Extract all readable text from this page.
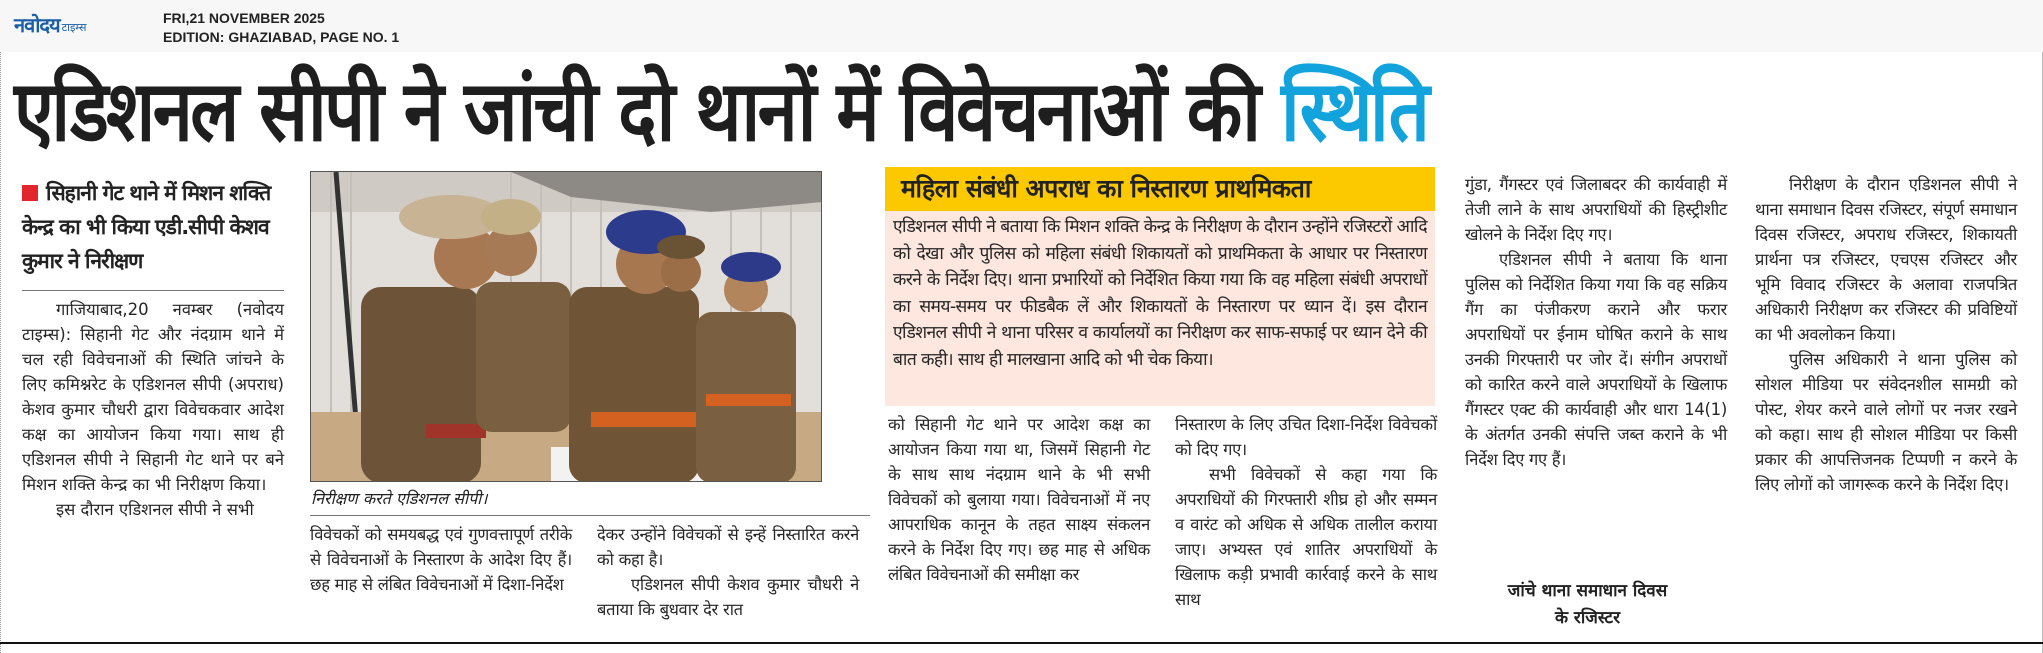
नवोदय टाइम्स
FRI,21 NOVEMBER 2025
EDITION: GHAZIABAD, PAGE NO. 1
एडिशनल सीपी ने जांची दो थानों में विवेचनाओं की स्थिति
सिहानी गेट थाने में मिशन शक्ति केन्द्र का भी किया एडी.सीपी केशव कुमार ने निरीक्षण

गाजियाबाद,20 नवम्बर (नवोदय टाइम्स): सिहानी गेट और नंदग्राम थाने में चल रही विवेचनाओं की स्थिति जांचने के लिए कमिश्नरेट के एडिशनल सीपी (अपराध) केशव कुमार चौधरी द्वारा विवेचकवार आदेश कक्ष का आयोजन किया गया। साथ ही एडिशनल सीपी ने सिहानी गेट थाने पर बने मिशन शक्ति केन्द्र का भी निरीक्षण किया।

इस दौरान एडिशनल सीपी ने सभी

निरीक्षण करते एडिशनल सीपी।

विवेचकों को समयबद्ध एवं गुणवत्तापूर्ण तरीके से विवेचनाओं के निस्तारण के आदेश दिए हैं। छह माह से लंबित विवेचनाओं में दिशा-निर्देश

देकर उन्होंने विवेचकों से इन्हें निस्तारित करने को कहा है।

एडिशनल सीपी केशव कुमार चौधरी ने बताया कि बुधवार देर रात

महिला संबंधी अपराध का निस्तारण प्राथमिकता
एडिशनल सीपी ने बताया कि मिशन शक्ति केन्द्र के निरीक्षण के दौरान उन्होंने रजिस्टरों आदि को देखा और पुलिस को महिला संबंधी शिकायतों को प्राथमिकता के आधार पर निस्तारण करने के निर्देश दिए। थाना प्रभारियों को निर्देशित किया गया कि वह महिला संबंधी अपराधों का समय-समय पर फीडबैक लें और शिकायतों के निस्तारण पर ध्यान दें। इस दौरान एडिशनल सीपी ने थाना परिसर व कार्यालयों का निरीक्षण कर साफ-सफाई पर ध्यान देने की बात कही। साथ ही मालखाना आदि को भी चेक किया।

को सिहानी गेट थाने पर आदेश कक्ष का आयोजन किया गया था, जिसमें सिहानी गेट के साथ साथ नंदग्राम थाने के भी सभी विवेचकों को बुलाया गया। विवेचनाओं में नए आपराधिक कानून के तहत साक्ष्य संकलन करने के निर्देश दिए गए। छह माह से अधिक लंबित विवेचनाओं की समीक्षा कर

निस्तारण के लिए उचित दिशा-निर्देश विवेचकों को दिए गए।

सभी विवेचकों से कहा गया कि अपराधियों की गिरफ्तारी शीघ्र हो और सम्मन व वारंट को अधिक से अधिक तालील कराया जाए। अभ्यस्त एवं शातिर अपराधियों के खिलाफ कड़ी प्रभावी कार्रवाई करने के साथ साथ

गुंडा, गैंगस्टर एवं जिलाबदर की कार्यवाही में तेजी लाने के साथ अपराधियों की हिस्ट्रीशीट खोलने के निर्देश दिए गए।

एडिशनल सीपी ने बताया कि थाना पुलिस को निर्देशित किया गया कि वह सक्रिय गैंग का पंजीकरण कराने और फरार अपराधियों पर ईनाम घोषित कराने के साथ उनकी गिरफ्तारी पर जोर दें। संगीन अपराधों को कारित करने वाले अपराधियों के खिलाफ गैंगस्टर एक्ट की कार्यवाही और धारा 14(1) के अंतर्गत उनकी संपत्ति जब्त कराने के भी निर्देश दिए गए हैं।

जांचे थाना समाधान दिवस के रजिस्टर

निरीक्षण के दौरान एडिशनल सीपी ने थाना समाधान दिवस रजिस्टर, संपूर्ण समाधान दिवस रजिस्टर, अपराध रजिस्टर, शिकायती प्रार्थना पत्र रजिस्टर, एचएस रजिस्टर और भूमि विवाद रजिस्टर के अलावा राजपत्रित अधिकारी निरीक्षण कर रजिस्टर की प्रविष्टियों का भी अवलोकन किया।

पुलिस अधिकारी ने थाना पुलिस को सोशल मीडिया पर संवेदनशील सामग्री को पोस्ट, शेयर करने वाले लोगों पर नजर रखने को कहा। साथ ही सोशल मीडिया पर किसी प्रकार की आपत्तिजनक टिप्पणी न करने के लिए लोगों को जागरूक करने के निर्देश दिए।
